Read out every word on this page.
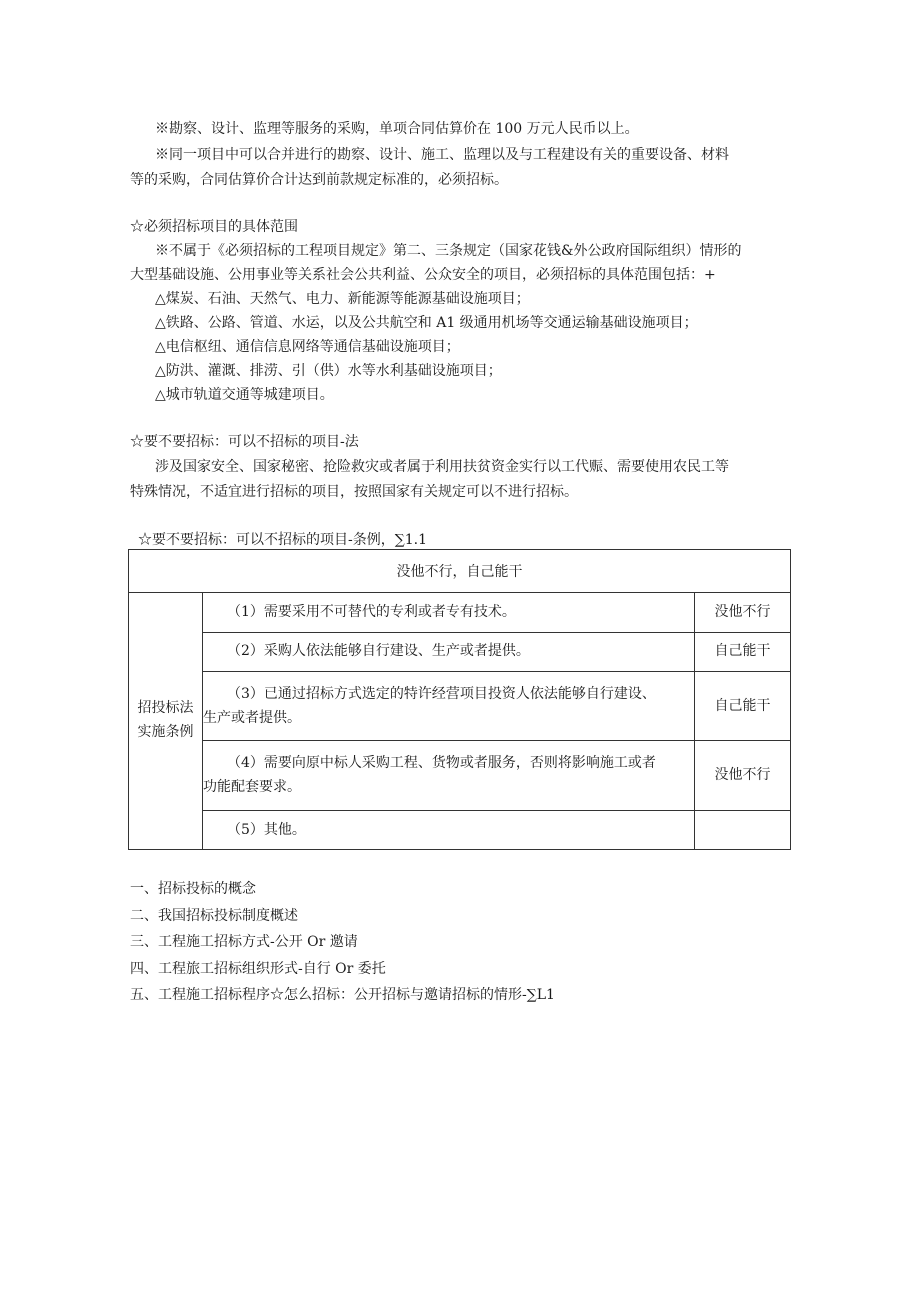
※勘察、设计、监理等服务的采购，单项合同估算价在 100 万元人民币以上。
※同一项目中可以合并进行的勘察、设计、施工、监理以及与工程建设有关的重要设备、材料
等的采购，合同估算价合计达到前款规定标准的，必须招标。
☆必须招标项目的具体范围
※不属于《必须招标的工程项目规定》第二、三条规定（国家花钱&外公政府国际组织）情形的
大型基础设施、公用事业等关系社会公共利益、公众安全的项目，必须招标的具体范围包括：+
△煤炭、石油、天然气、电力、新能源等能源基础设施项目；
△铁路、公路、管道、水运，以及公共航空和 A1 级通用机场等交通运输基础设施项目；
△电信枢纽、通信信息网络等通信基础设施项目；
△防洪、灌溉、排涝、引（供）水等水利基础设施项目；
△城市轨道交通等城建项目。
☆要不要招标：可以不招标的项目-法
涉及国家安全、国家秘密、抢险救灾或者属于利用扶贫资金实行以工代赈、需要使用农民工等
特殊情况，不适宜进行招标的项目，按照国家有关规定可以不进行招标。
☆要不要招标：可以不招标的项目-条例，∑1.1
没他不行，自己能干
招投标法
实施条例
（1）需要采用不可替代的专利或者专有技术。	没他不行
（2）采购人依法能够自行建设、生产或者提供。	自己能干
（3）已通过招标方式选定的特许经营项目投资人依法能够自行建设、
生产或者提供。
自己能干
（4）需要向原中标人采购工程、货物或者服务，否则将影响施工或者
功能配套要求。
没他不行
（5）其他。
一、招标投标的概念
二、我国招标投标制度概述
三、工程施工招标方式-公开 Or 邀请
四、工程旅工招标组织形式-自行 Or 委托
五、工程施工招标程序☆怎么招标：公开招标与邀请招标的情形-∑L1
